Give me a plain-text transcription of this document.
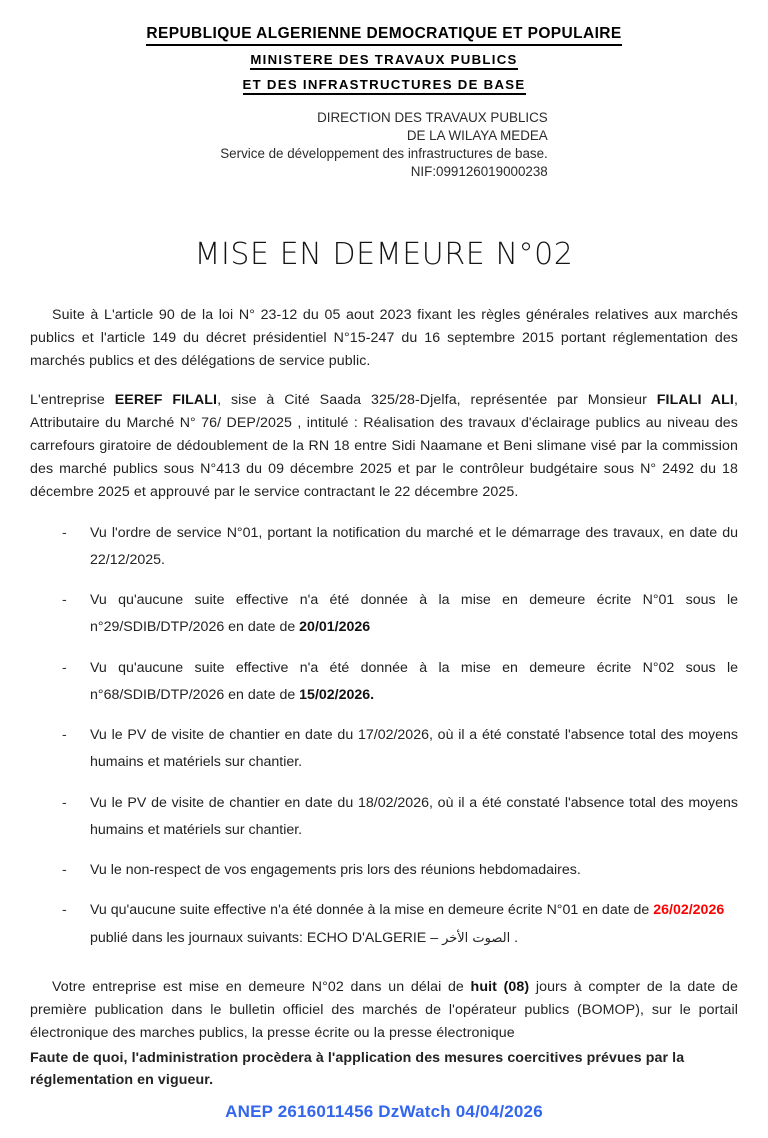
REPUBLIQUE ALGERIENNE DEMOCRATIQUE ET POPULAIRE
MINISTERE DES TRAVAUX PUBLICS
ET DES INFRASTRUCTURES DE BASE
DIRECTION DES TRAVAUX PUBLICS
DE LA WILAYA MEDEA
Service de développement des infrastructures de base.
NIF:099126019000238
MISE EN DEMEURE N°02

Suite à L'article 90 de la loi N° 23-12 du 05 aout 2023 fixant les règles générales relatives aux marchés publics et l'article 149 du décret présidentiel N°15-247 du 16 septembre 2015 portant réglementation des marchés publics et des délégations de service public.

L'entreprise EEREF FILALI, sise à Cité Saada 325/28-Djelfa, représentée par Monsieur FILALI ALI, Attributaire du Marché N° 76/ DEP/2025 , intitulé : Réalisation des travaux d'éclairage publics au niveau des carrefours giratoire de dédoublement de la RN 18 entre Sidi Naamane et Beni slimane visé par la commission des marché publics sous N°413 du 09 décembre 2025 et par le contrôleur budgétaire sous N° 2492 du 18 décembre 2025 et approuvé par le service contractant le 22 décembre 2025.

- Vu l'ordre de service N°01, portant la notification du marché et le démarrage des travaux, en date du 22/12/2025.
- Vu qu'aucune suite effective n'a été donnée à la mise en demeure écrite N°01 sous le n°29/SDIB/DTP/2026 en date de 20/01/2026
- Vu qu'aucune suite effective n'a été donnée à la mise en demeure écrite N°02 sous le n°68/SDIB/DTP/2026 en date de 15/02/2026.
- Vu le PV de visite de chantier en date du 17/02/2026, où il a été constaté l'absence total des moyens humains et matériels sur chantier.
- Vu le PV de visite de chantier en date du 18/02/2026, où il a été constaté l'absence total des moyens humains et matériels sur chantier.
- Vu le non-respect de vos engagements pris lors des réunions hebdomadaires.
- Vu qu'aucune suite effective n'a été donnée à la mise en demeure écrite N°01 en date de 26/02/2026 publié dans les journaux suivants: ECHO D'ALGERIE – الصوت الأخر .

Votre entreprise est mise en demeure N°02 dans un délai de huit (08) jours à compter de la date de première publication dans le bulletin officiel des marchés de l'opérateur publics (BOMOP), sur le portail électronique des marches publics, la presse écrite ou la presse électronique

Faute de quoi, l'administration procèdera à l'application des mesures coercitives prévues par la réglementation en vigueur.

ANEP 2616011456 DzWatch 04/04/2026
